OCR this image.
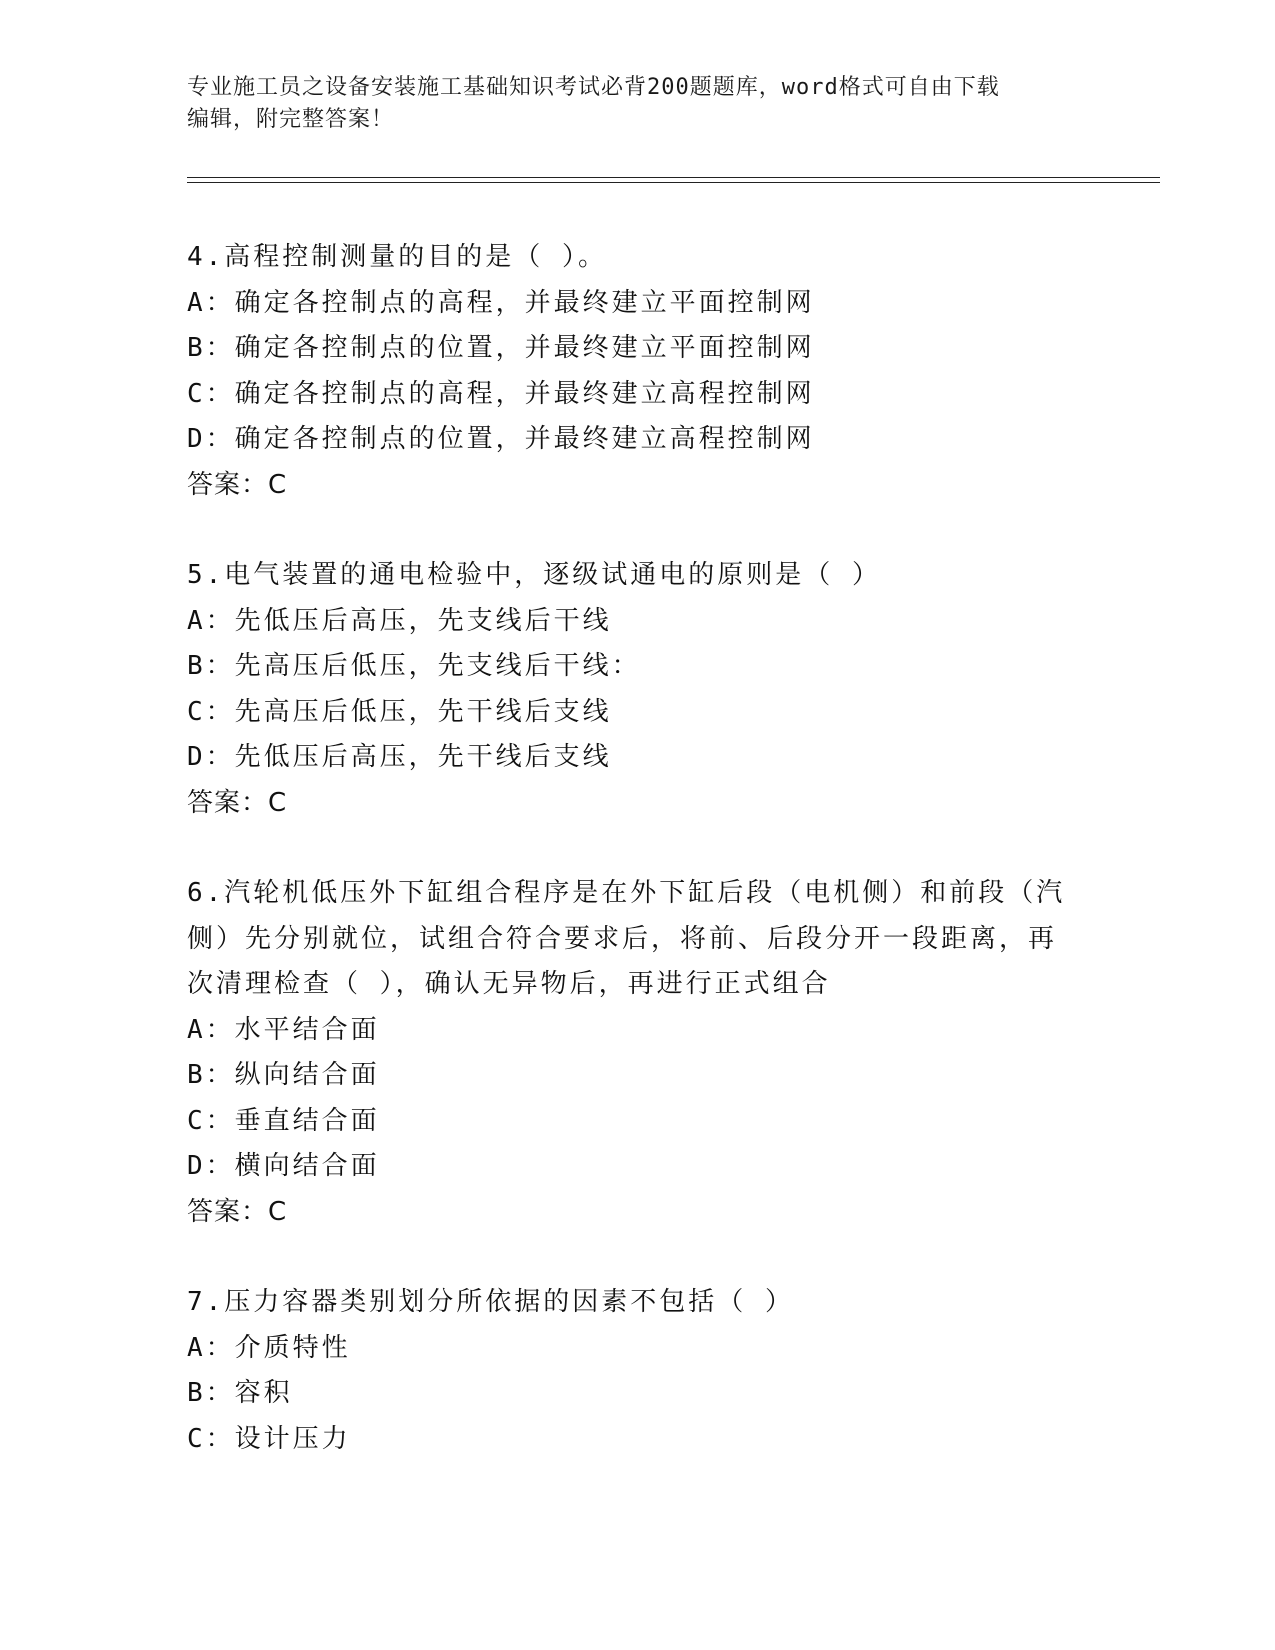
专业施工员之设备安装施工基础知识考试必背200题题库，word格式可自由下载
编辑，附完整答案！
4.高程控制测量的目的是（ ）。
A：确定各控制点的高程，并最终建立平面控制网
B：确定各控制点的位置，并最终建立平面控制网
C：确定各控制点的高程，并最终建立高程控制网
D：确定各控制点的位置，并最终建立高程控制网
答案：C
5.电气装置的通电检验中，逐级试通电的原则是（ ）
A：先低压后高压，先支线后干线
B：先高压后低压，先支线后干线：
C：先高压后低压，先干线后支线
D：先低压后高压，先干线后支线
答案：C
6.汽轮机低压外下缸组合程序是在外下缸后段（电机侧）和前段（汽
侧）先分别就位，试组合符合要求后，将前、后段分开一段距离，再
次清理检查（ ），确认无异物后，再进行正式组合
A：水平结合面
B：纵向结合面
C：垂直结合面
D：横向结合面
答案：C
7.压力容器类别划分所依据的因素不包括（ ）
A：介质特性
B：容积
C：设计压力
